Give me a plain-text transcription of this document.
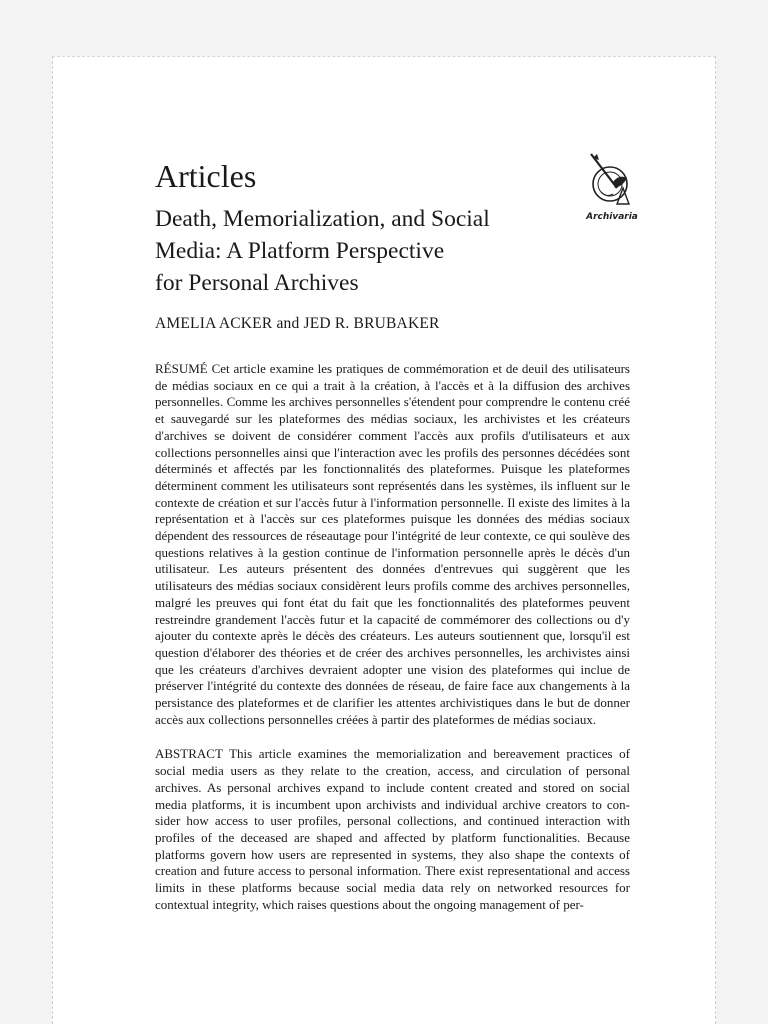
Archivaria
Articles
Death, Memorialization, and Social
Media: A Platform Perspective
for Personal Archives

AMELIA ACKER and JED R. BRUBAKER

RÉSUMÉ Cet article examine les pratiques de commémoration et de deuil des utilisateurs de médias sociaux en ce qui a trait à la création, à l'accès et à la diffusion des archives personnelles. Comme les archives personnelles s'étendent pour comprendre le contenu créé et sauvegardé sur les plateformes des médias sociaux, les archivistes et les créateurs d'archives se doivent de considérer comment l'accès aux profils d'utilisateurs et aux collections personnelles ainsi que l'interaction avec les profils des personnes décédées sont déterminés et affectés par les fonctionnalités des plateformes. Puisque les plateformes déterminent comment les utilisateurs sont représentés dans les systèmes, ils influent sur le contexte de création et sur l'accès futur à l'information personnelle. Il existe des limites à la représentation et à l'accès sur ces plateformes puisque les données des médias sociaux dépendent des ressources de réseautage pour l'intégrité de leur contexte, ce qui soulève des questions relatives à la gestion continue de l'information personnelle après le décès d'un utilisateur. Les auteurs présentent des données d'entrevues qui suggèrent que les utilisateurs des médias sociaux considèrent leurs profils comme des archives personnelles, malgré les preuves qui font état du fait que les fonctionnalités des plateformes peuvent restreindre grandement l'accès futur et la capacité de commémorer des collections ou d'y ajouter du contexte après le décès des créateurs. Les auteurs soutiennent que, lorsqu'il est question d'élaborer des théories et de créer des archives personnelles, les archivistes ainsi que les créateurs d'archives devraient adopter une vision des plateformes qui inclue de préserver l'intégrité du contexte des données de réseau, de faire face aux changements à la persistance des plateformes et de clarifier les attentes archivistiques dans le but de donner accès aux collections personnelles créées à partir des plateformes de médias sociaux.

ABSTRACT This article examines the memorialization and bereavement practices of social media users as they relate to the creation, access, and circulation of personal archives. As personal archives expand to include content created and stored on social media platforms, it is incumbent upon archivists and individual archive creators to consider how access to user profiles, personal collections, and continued interaction with profiles of the deceased are shaped and affected by platform functionalities. Because platforms govern how users are represented in systems, they also shape the contexts of creation and future access to personal information. There exist representational and access limits in these platforms because social media data rely on networked resources for contextual integrity, which raises questions about the ongoing management of per-
